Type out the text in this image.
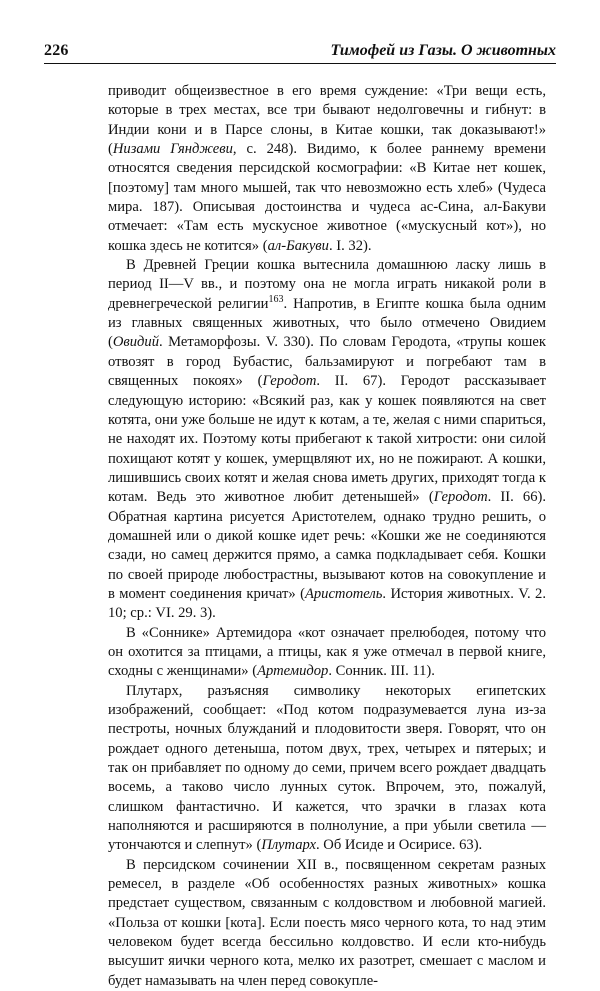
226	Тимофей из Газы. О животных

приводит общеизвестное в его время суждение: «Три вещи есть, которые в трех местах, все три бывают недолговечны и гибнут: в Индии кони и в Парсе слоны, в Китае кошки, так доказывают!» (Низами Гянджеви, с. 248). Видимо, к более раннему времени относятся сведения персидской космографии: «В Китае нет кошек, [поэтому] там много мышей, так что невозможно есть хлеб» (Чудеса мира. 187). Описывая достоинства и чудеса ас-Сина, ал-Бакуви отмечает: «Там есть мускусное животное («мускусный кот»), но кошка здесь не котится» (ал-Бакуви. I. 32).

В Древней Греции кошка вытеснила домашнюю ласку лишь в период II—V вв., и поэтому она не могла играть никакой роли в древнегреческой религии$^{163}$. Напротив, в Египте кошка была одним из главных священных животных, что было отмечено Овидием (Овидий. Метаморфозы. V. 330). По словам Геродота, «трупы кошек отвозят в город Бубастис, бальзамируют и погребают там в священных покоях» (Геродот. II. 67). Геродот рассказывает следующую историю: «Всякий раз, как у кошек появляются на свет котята, они уже больше не идут к котам, а те, желая с ними спариться, не находят их. Поэтому коты прибегают к такой хитрости: они силой похищают котят у кошек, умерщвляют их, но не пожирают. А кошки, лишившись своих котят и желая снова иметь других, приходят тогда к котам. Ведь это животное любит детенышей» (Геродот. II. 66). Обратная картина рисуется Аристотелем, однако трудно решить, о домашней или о дикой кошке идет речь: «Кошки же не соединяются сзади, но самец держится прямо, а самка подкладывает себя. Кошки по своей природе любострастны, вызывают котов на совокупление и в момент соединения кричат» (Аристотель. История животных. V. 2. 10; ср.: VI. 29. 3).

В «Соннике» Артемидора «кот означает прелюбодея, потому что он охотится за птицами, а птицы, как я уже отмечал в первой книге, сходны с женщинами» (Артемидор. Сонник. III. 11).

Плутарх, разъясняя символику некоторых египетских изображений, сообщает: «Под котом подразумевается луна из-за пестроты, ночных блужданий и плодовитости зверя. Говорят, что он рождает одного детеныша, потом двух, трех, четырех и пятерых; и так он прибавляет по одному до семи, причем всего рождает двадцать восемь, а таково число лунных суток. Впрочем, это, пожалуй, слишком фантастично. И кажется, что зрачки в глазах кота наполняются и расширяются в полнолуние, а при убыли светила — утончаются и слепнут» (Плутарх. Об Исиде и Осирисе. 63).

В персидском сочинении XII в., посвященном секретам разных ремесел, в разделе «Об особенностях разных животных» кошка предстает существом, связанным с колдовством и любовной магией. «Польза от кошки [кота]. Если поесть мясо черного кота, то над этим человеком будет всегда бессильно колдовство. И если кто-нибудь высушит яички черного кота, мелко их разотрет, смешает с маслом и будет намазывать на член перед совокупле-
